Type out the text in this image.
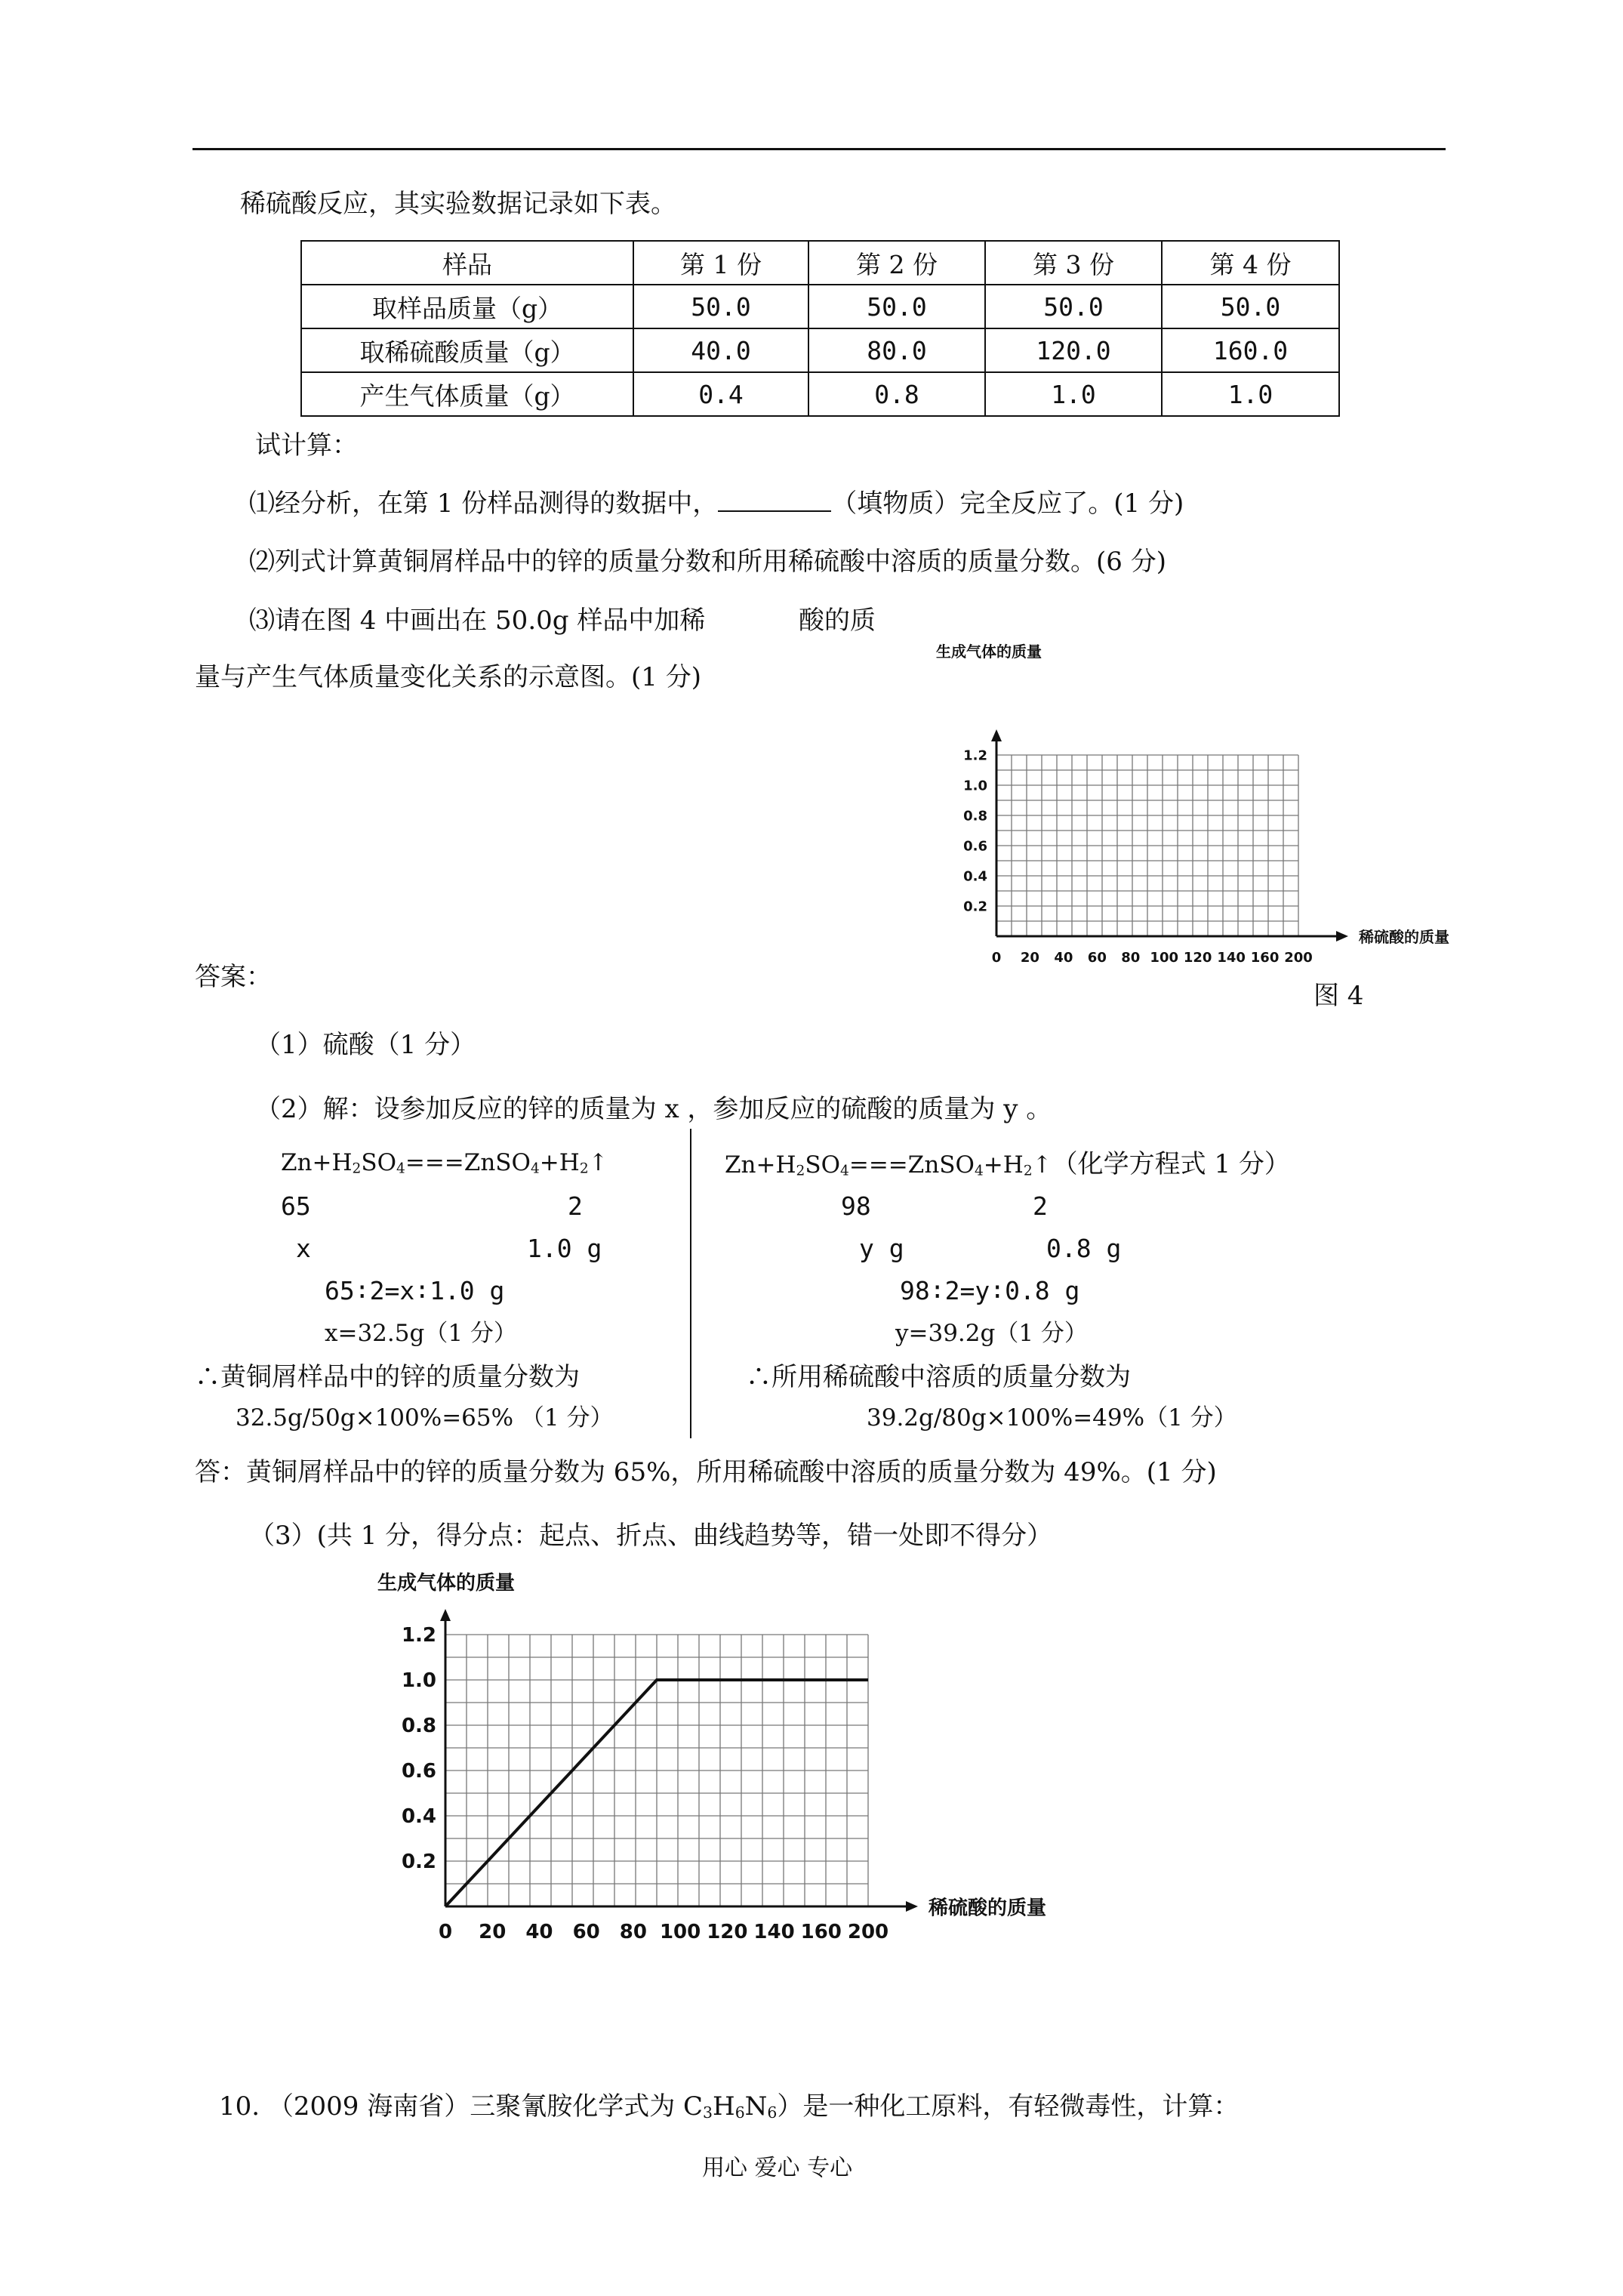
稀硫酸反应，其实验数据记录如下表。
样品	第 1 份	第 2 份	第 3 份	第 4 份
取样品质量（g）	50.0	50.0	50.0	50.0
取稀硫酸质量（g）	40.0	80.0	120.0	160.0
产生气体质量（g）	0.4	0.8	1.0	1.0
试计算：
⑴经分析，在第 1 份样品测得的数据中，	（填物质）完全反应了。(1 分)
⑵列式计算黄铜屑样品中的锌的质量分数和所用稀硫酸中溶质的质量分数。(6 分)
⑶请在图 4 中画出在 50.0g 样品中加稀	酸的质
量与产生气体质量变化关系的示意图。(1 分)
0.2
0.4
0.6
0.8
1.0
1.2
0 20 40 60 80 100 120 140 160 200
生成气体的质量
稀硫酸的质量
图 4
答案：
（1）硫酸（1 分）
（2）解：设参加反应的锌的质量为 x ，参加反应的硫酸的质量为 y 。
$Zn+H_2SO_4===ZnSO_4+H_2↑$	$Zn+H_2SO_4===ZnSO_4+H_2↑$（化学方程式 1 分）
65	2
x	1.0 g
65∶2=x∶1.0 g
x=32.5g（1 分）
∴黄铜屑样品中的锌的质量分数为
32.5g/50g×100%=65% （1 分）
98	2
y g	0.8 g
98∶2=y∶0.8 g
y=39.2g（1 分）
∴所用稀硫酸中溶质的质量分数为
39.2g/80g×100%=49%（1 分）
答：黄铜屑样品中的锌的质量分数为 65%，所用稀硫酸中溶质的质量分数为 49%。(1 分)
（3）(共 1 分，得分点：起点、折点、曲线趋势等，错一处即不得分）
0.2
0.4
0.6
0.8
1.0
1.2
0 20 40 60 80 100 120 140 160 200
生成气体的质量
稀硫酸的质量
10. （2009 海南省）三聚氰胺化学式为 $C_3H_6N_6$）是一种化工原料，有轻微毒性，计算：
用心 爱心 专心
